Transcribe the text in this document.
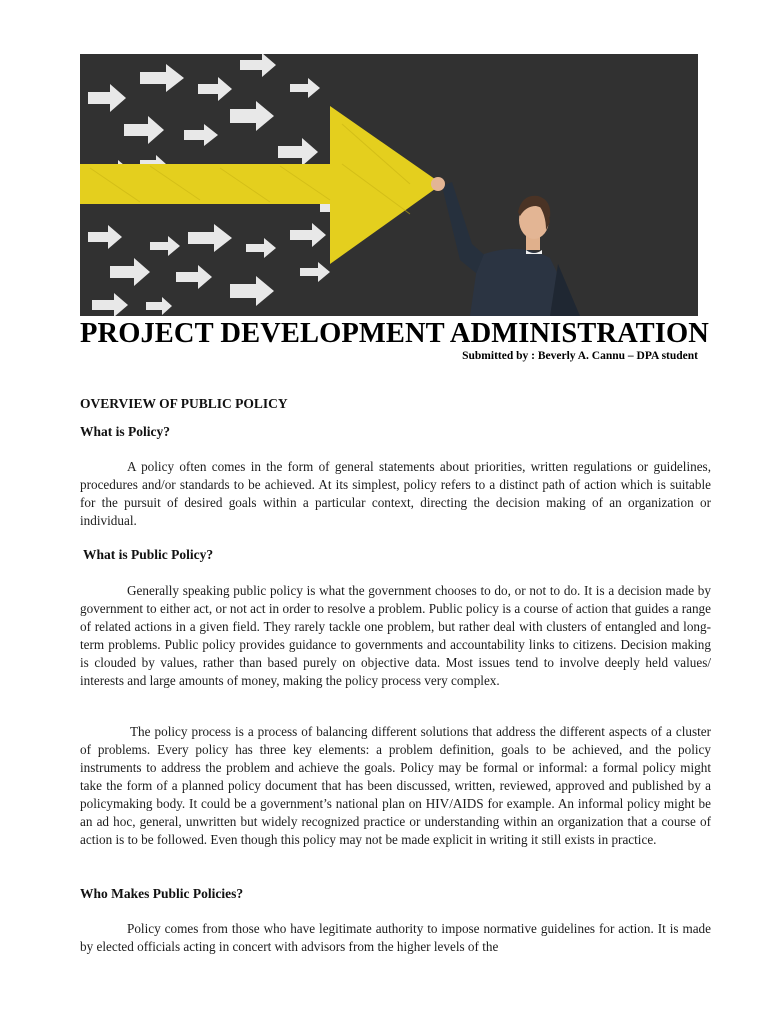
PROJECT DEVELOPMENT ADMINISTRATION
Submitted by : Beverly A. Cannu – DPA student
OVERVIEW OF PUBLIC POLICY
What is Policy?

A policy often comes in the form of general statements about priorities, written regulations or guidelines, procedures and/or standards to be achieved. At its simplest, policy refers to a distinct path of action which is suitable for the pursuit of desired goals within a particular context, directing the decision making of an organization or individual.

What is Public Policy?

Generally speaking public policy is what the government chooses to do, or not to do. It is a decision made by government to either act, or not act in order to resolve a problem. Public policy is a course of action that guides a range of related actions in a given field. They rarely tackle one problem, but rather deal with clusters of entangled and long-term problems. Public policy provides guidance to governments and accountability links to citizens. Decision making is clouded by values, rather than based purely on objective data. Most issues tend to involve deeply held values/ interests and large amounts of money, making the policy process very complex.

The policy process is a process of balancing different solutions that address the different aspects of a cluster of problems. Every policy has three key elements: a problem definition, goals to be achieved, and the policy instruments to address the problem and achieve the goals. Policy may be formal or informal: a formal policy might take the form of a planned policy document that has been discussed, written, reviewed, approved and published by a policymaking body. It could be a government’s national plan on HIV/AIDS for example. An informal policy might be an ad hoc, general, unwritten but widely recognized practice or understanding within an organization that a course of action is to be followed. Even though this policy may not be made explicit in writing it still exists in practice.

Who Makes Public Policies?

Policy comes from those who have legitimate authority to impose normative guidelines for action. It is made by elected officials acting in concert with advisors from the higher levels of the
